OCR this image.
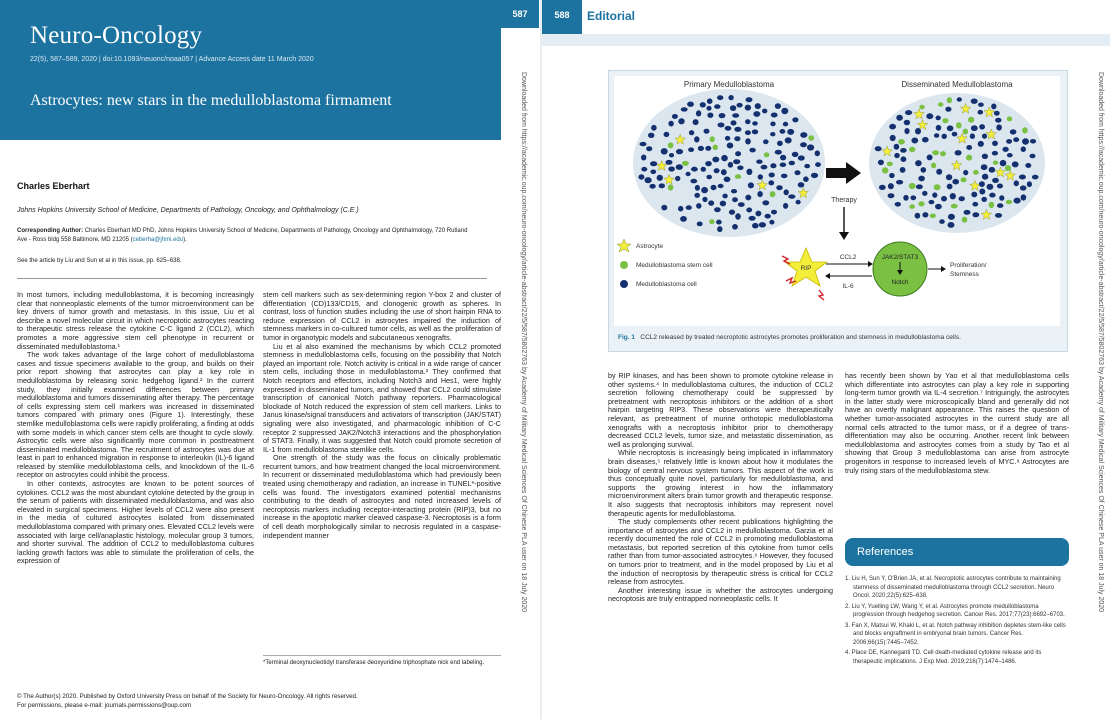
Neuro-Oncology
22(5), 587–589, 2020 | doi:10.1093/neuonc/noaa057 | Advance Access date 11 March 2020
Astrocytes: new stars in the medulloblastoma firmament
587
Charles Eberhart
Johns Hopkins University School of Medicine, Departments of Pathology, Oncology, and Ophthalmology (C.E.)
Corresponding Author: Charles Eberhart MD PhD, Johns Hopkins University School of Medicine, Departments of Pathology, Oncology and Ophthalmology, 720 Rutland Ave - Ross bldg 558 Baltimore, MD 21205 (ceberha@jhmi.edu).
See the article by Liu and Sun et al in this issue, pp. 625–638.

In most tumors, including medulloblastoma, it is becoming increasingly clear that nonneoplastic elements of the tumor microenvironment can be key drivers of tumor growth and metastasis. In this issue, Liu et al describe a novel molecular circuit in which necroptotic astrocytes reacting to therapeutic stress release the cytokine C-C ligand 2 (CCL2), which promotes a more aggressive stem cell phenotype in recurrent or disseminated medulloblastoma.¹

The work takes advantage of the large cohort of medulloblastoma cases and tissue specimens available to the group, and builds on their prior report showing that astrocytes can play a key role in medulloblastoma by releasing sonic hedgehog ligand.² In the current study, they initially examined differences between primary medulloblastoma and tumors disseminating after therapy. The percentage of cells expressing stem cell markers was increased in disseminated tumors compared with primary ones (Figure 1). Interestingly, these stemlike medulloblastoma cells were rapidly proliferating, a finding at odds with some models in which cancer stem cells are thought to cycle slowly. Astrocytic cells were also significantly more common in posttreatment disseminated medulloblastoma. The recruitment of astrocytes was due at least in part to enhanced migration in response to interleukin (IL)-6 ligand released by stemlike medulloblastoma cells, and knockdown of the IL-6 receptor on astrocytes could inhibit the process.

In other contexts, astrocytes are known to be potent sources of cytokines. CCL2 was the most abundant cytokine detected by the group in the serum of patients with disseminated medulloblastoma, and was also elevated in surgical specimens. Higher levels of CCL2 were also present in the media of cultured astrocytes isolated from disseminated medulloblastoma compared with primary ones. Elevated CCL2 levels were associated with large cell/anaplastic histology, molecular group 3 tumors, and shorter survival. The addition of CCL2 to medulloblastoma cultures lacking growth factors was able to stimulate the proliferation of cells, the expression of

stem cell markers such as sex-determining region Y-box 2 and cluster of differentiation (CD)133/CD15, and clonogenic growth as spheres. In contrast, loss of function studies including the use of short hairpin RNA to reduce expression of CCL2 in astrocytes impaired the induction of stemness markers in co-cultured tumor cells, as well as the proliferation of tumor in organotypic models and subcutaneous xenografts.

Liu et al also examined the mechanisms by which CCL2 promoted stemness in medulloblastoma cells, focusing on the possibility that Notch played an important role. Notch activity is critical in a wide range of cancer stem cells, including those in medulloblastoma.³ They confirmed that Notch receptors and effectors, including Notch3 and Hes1, were highly expressed in disseminated tumors, and showed that CCL2 could stimulate transcription of canonical Notch pathway reporters. Pharmacological blockade of Notch reduced the expression of stem cell markers. Links to Janus kinase/signal transducers and activators of transcription (JAK/STAT) signaling were also investigated, and pharmacologic inhibition of C-C receptor 2 suppressed JAK2/Notch3 interactions and the phosphorylation of STAT3. Finally, it was suggested that Notch could promote secretion of IL-1 from medulloblastoma stemlike cells.

One strength of the study was the focus on clinically problematic recurrent tumors, and how treatment changed the local microenvironment. In recurrent or disseminated medulloblastoma which had previously been treated using chemotherapy and radiation, an increase in TUNEL*-positive cells was found. The investigators examined potential mechanisms contributing to the death of astrocytes and noted increased levels of necroptosis markers including receptor-interacting protein (RIP)3, but no increase in the apoptotic marker cleaved caspase-3. Necroptosis is a form of cell death morphologically similar to necrosis regulated in a caspase-independent manner

*Terminal deoxynucleotidyl transferase deoxyuridine triphosphate nick end labeling.
© The Author(s) 2020. Published by Oxford University Press on behalf of the Society for Neuro-Oncology. All rights reserved.
For permissions, please e-mail: journals.permissions@oup.com
Downloaded from https://academic.oup.com/neuro-oncology/article-abstract/22/5/587/5802763 by Academy of Military Medical Sciences Of Chinese PLA user on 18 July 2020
588	Editorial
Primary Medulloblastoma	Disseminated Medulloblastoma
Therapy
Astrocyte
Medulloblastoma stem cell
Medulloblastoma cell
RIP
CCL2
IL-6
JAK2/STAT3
Notch
Proliferation/
Stemness
Fig. 1 CCL2 released by treated necroptotic astrocytes promotes proliferation and stemness in medulloblastoma cells.

by RIP kinases, and has been shown to promote cytokine release in other systems.⁴ In medulloblastoma cultures, the induction of CCL2 secretion following chemotherapy could be suppressed by pretreatment with necroptosis inhibitors or the addition of a short hairpin targeting RIP3. These observations were therapeutically relevant, as pretreatment of murine orthotopic medulloblastoma xenografts with a necroptosis inhibitor prior to chemotherapy decreased CCL2 levels, tumor size, and metastatic dissemination, as well as prolonging survival.

While necroptosis is increasingly being implicated in inflammatory brain diseases,⁵ relatively little is known about how it modulates the biology of central nervous system tumors. This aspect of the work is thus conceptually quite novel, particularly for medulloblastoma, and supports the growing interest in how the inflammatory microenvironment alters brain tumor growth and therapeutic response. It also suggests that necroptosis inhibitors may represent novel therapeutic agents for medulloblastoma.

The study complements other recent publications highlighting the importance of astrocytes and CCL2 in medulloblastoma. Garzia et al recently documented the role of CCL2 in promoting medulloblastoma metastasis, but reported secretion of this cytokine from tumor cells rather than from tumor-associated astrocytes.⁶ However, they focused on tumors prior to treatment, and in the model proposed by Liu et al the induction of necroptosis by therapeutic stress is critical for CCL2 release from astrocytes.

Another interesting issue is whether the astrocytes undergoing necroptosis are truly entrapped nonneoplastic cells. It

has recently been shown by Yao et al that medulloblastoma cells which differentiate into astrocytes can play a key role in supporting long-term tumor growth via IL-4 secretion.⁷ Intriguingly, the astrocytes in the latter study were microscopically bland and generally did not have an overtly malignant appearance. This raises the question of whether tumor-associated astrocytes in the current study are all normal cells attracted to the tumor mass, or if a degree of trans-differentiation may also be occurring. Another recent link between medulloblastoma and astrocytes comes from a study by Tao et al showing that Group 3 medulloblastoma can arise from astrocyte progenitors in response to increased levels of MYC.⁸ Astrocytes are truly rising stars of the medulloblastoma stew.

References
1. Liu H, Sun Y, O'Brien JA, et al. Necroptotic astrocytes contribute to maintaining stemness of disseminated medulloblastoma through CCL2 secretion. Neuro Oncol. 2020;22(5):625–638.
2. Liu Y, Yuelling LW, Wang Y, et al. Astrocytes promote medulloblastoma progression through hedgehog secretion. Cancer Res. 2017;77(23):6692–6703.
3. Fan X, Matsui W, Khaki L, et al. Notch pathway inhibition depletes stem-like cells and blocks engraftment in embryonal brain tumors. Cancer Res. 2006;66(15):7445–7452.
4. Place DE, Kanneganti TD. Cell death-mediated cytokine release and its therapeutic implications. J Exp Med. 2019;216(7):1474–1486.
Downloaded from https://academic.oup.com/neuro-oncology/article-abstract/22/5/587/5802763 by Academy of Military Medical Sciences Of Chinese PLA user on 18 July 2020
